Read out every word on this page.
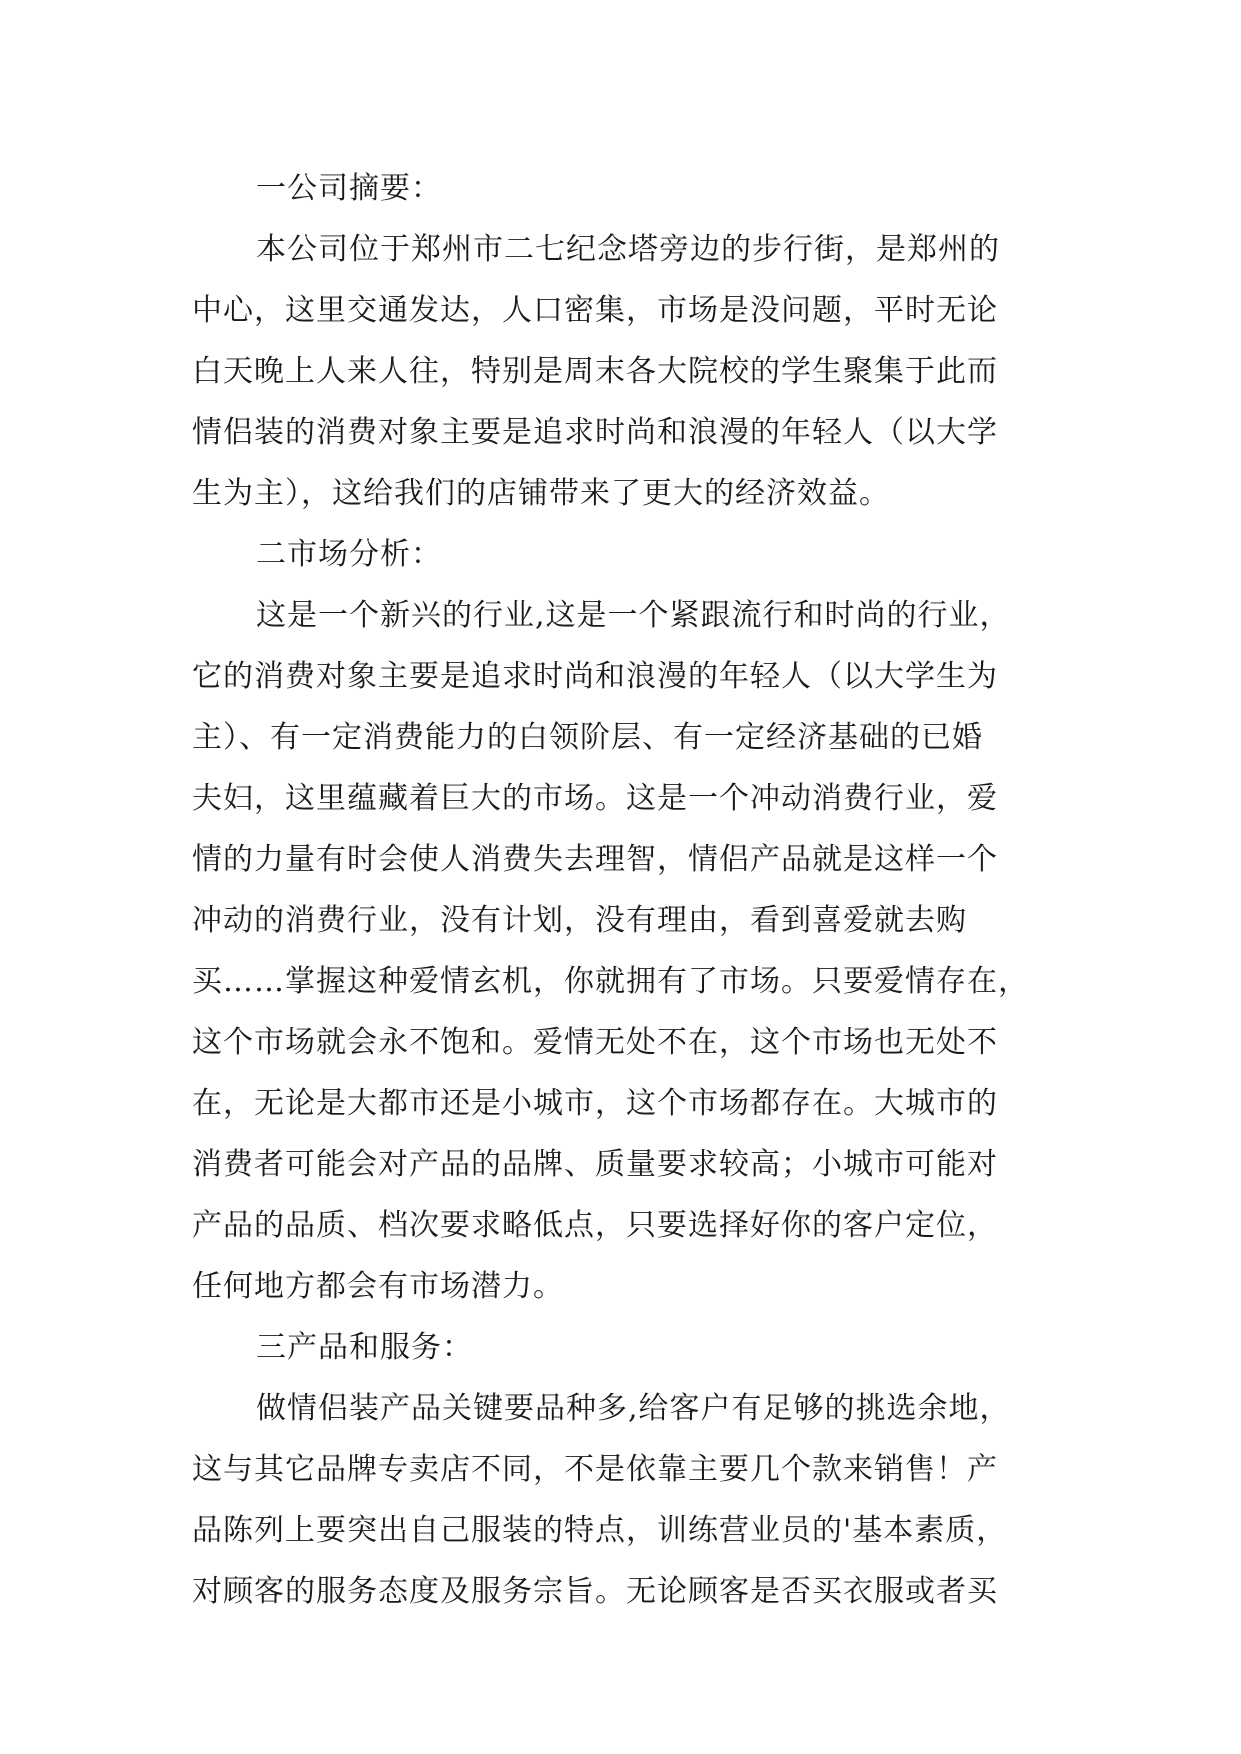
一公司摘要：
本公司位于郑州市二七纪念塔旁边的步行街，是郑州的
中心，这里交通发达，人口密集，市场是没问题，平时无论
白天晚上人来人往，特别是周末各大院校的学生聚集于此而
情侣装的消费对象主要是追求时尚和浪漫的年轻人（以大学
生为主），这给我们的店铺带来了更大的经济效益。
二市场分析：
这是一个新兴的行业,这是一个紧跟流行和时尚的行业，
它的消费对象主要是追求时尚和浪漫的年轻人（以大学生为
主）、有一定消费能力的白领阶层、有一定经济基础的已婚
夫妇，这里蕴藏着巨大的市场。这是一个冲动消费行业，爱
情的力量有时会使人消费失去理智，情侣产品就是这样一个
冲动的消费行业，没有计划，没有理由，看到喜爱就去购
买……掌握这种爱情玄机，你就拥有了市场。只要爱情存在，
这个市场就会永不饱和。爱情无处不在，这个市场也无处不
在，无论是大都市还是小城市，这个市场都存在。大城市的
消费者可能会对产品的品牌、质量要求较高；小城市可能对
产品的品质、档次要求略低点，只要选择好你的客户定位，
任何地方都会有市场潜力。
三产品和服务：
做情侣装产品关键要品种多,给客户有足够的挑选余地，
这与其它品牌专卖店不同，不是依靠主要几个款来销售！产
品陈列上要突出自己服装的特点，训练营业员的'基本素质，
对顾客的服务态度及服务宗旨。无论顾客是否买衣服或者买
